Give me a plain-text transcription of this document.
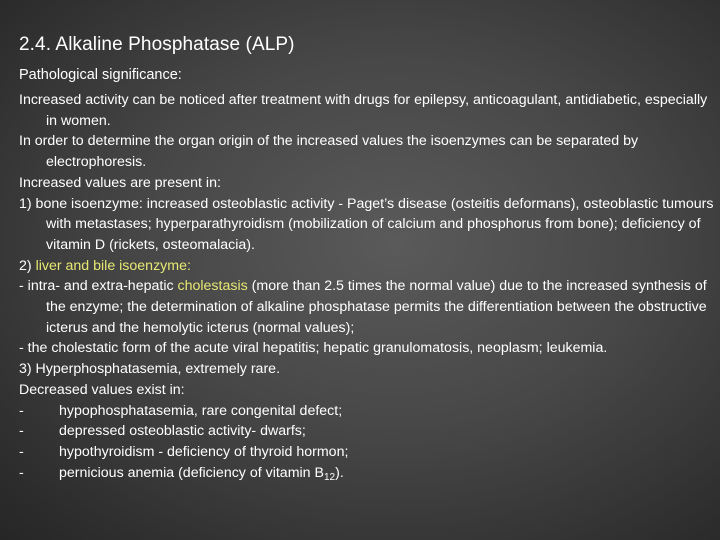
2.4. Alkaline Phosphatase (ALP)
Pathological significance:

Increased activity can be noticed after treatment with drugs for epilepsy, anticoagulant, antidiabetic, especially in women.

In order to determine the organ origin of the increased values the isoenzymes can be separated by electrophoresis.

Increased values are present in:

1) bone isoenzyme: increased osteoblastic activity - Paget’s disease (osteitis deformans), osteoblastic tumours with metastases; hyperparathyroidism (mobilization of calcium and phosphorus from bone); deficiency of vitamin D (rickets, osteomalacia).

2) liver and bile isoenzyme:

- intra- and extra-hepatic cholestasis (more than 2.5 times the normal value) due to the increased synthesis of the enzyme; the determination of alkaline phosphatase permits the differentiation between the obstructive icterus and the hemolytic icterus (normal values);

- the cholestatic form of the acute viral hepatitis; hepatic granulomatosis, neoplasm; leukemia.

3) Hyperphosphatasemia, extremely rare.

Decreased values exist in:

- hypophosphatasemia, rare congenital defect;

- depressed osteoblastic activity- dwarfs;

- hypothyroidism - deficiency of thyroid hormon;

- pernicious anemia (deficiency of vitamin $B_{12}$).
